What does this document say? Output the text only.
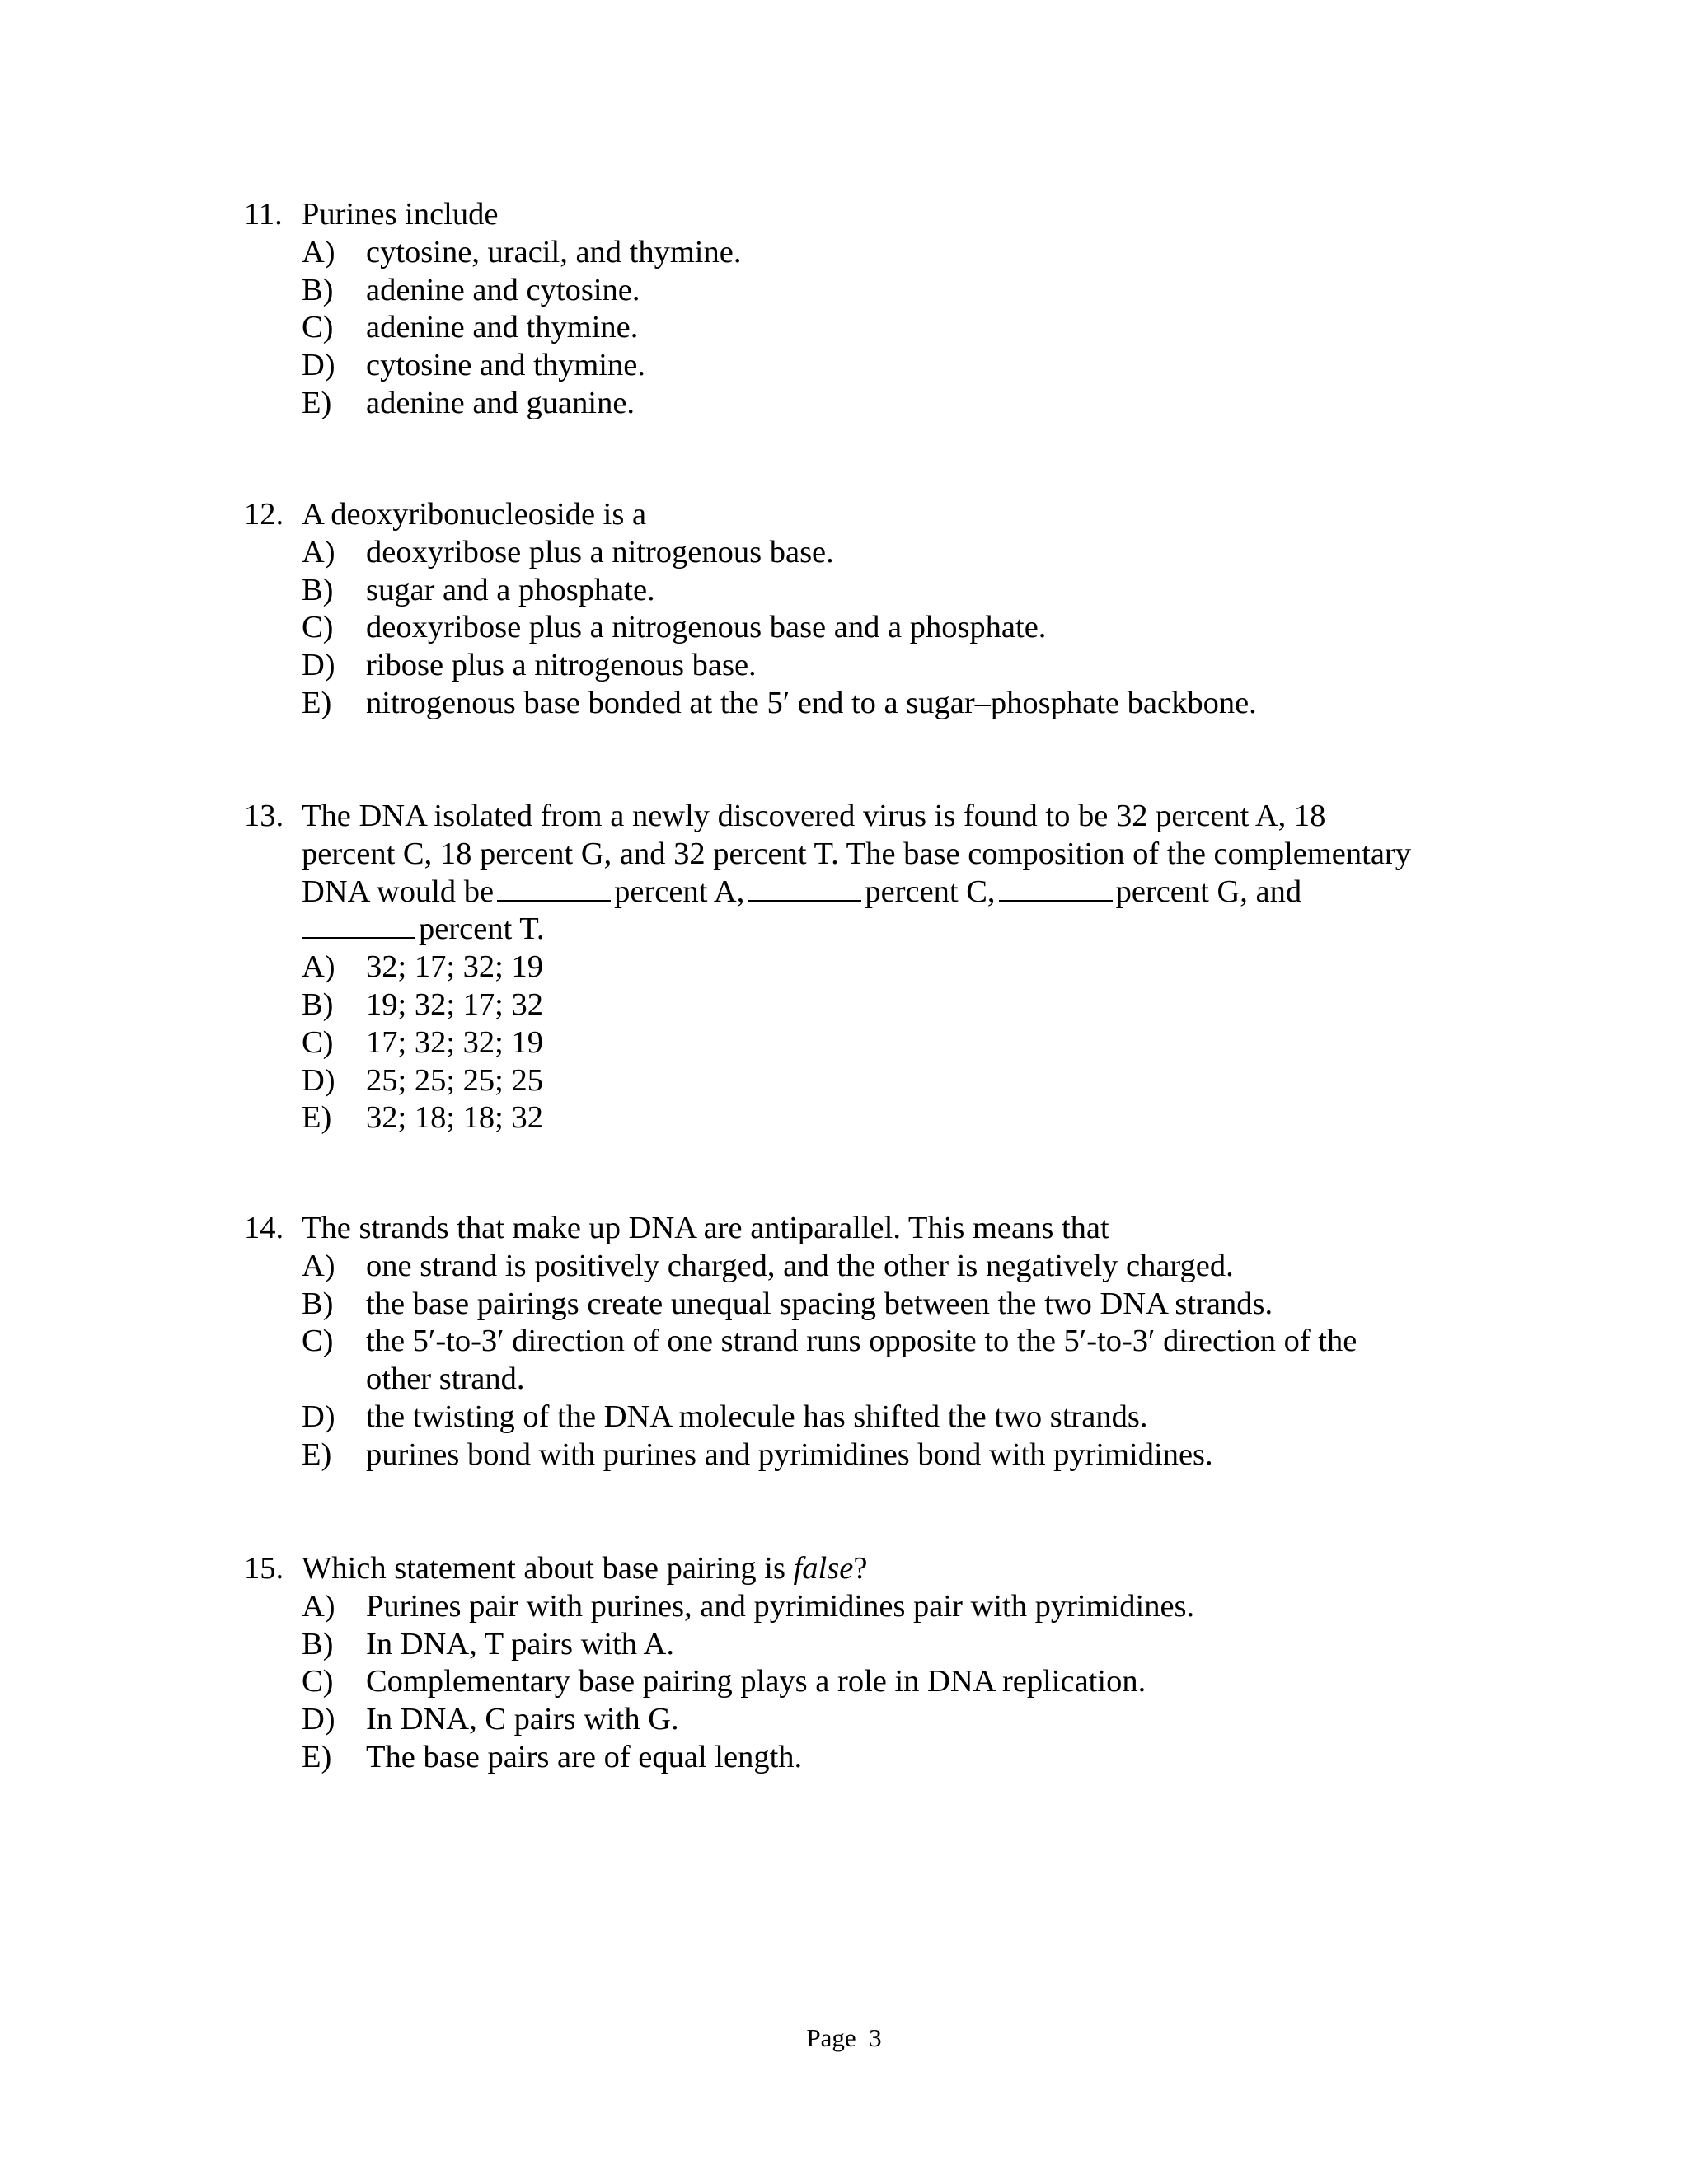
11. Purines include
A) cytosine, uracil, and thymine.
B)	adenine and cytosine.
C)	adenine and thymine.
D) cytosine and thymine.
E)	adenine and guanine.
12. A deoxyribonucleoside is a
A) deoxyribose plus a nitrogenous base.
B)	sugar and a phosphate.
C)	deoxyribose plus a nitrogenous base and a phosphate.
D) ribose plus a nitrogenous base.
E)	nitrogenous base bonded at the 5′ end to a sugar–phosphate backbone.
13. The DNA isolated from a newly discovered virus is found to be 32 percent A, 18
percent C, 18 percent G, and 32 percent T. The base composition of the complementary
DNA would be	percent A,	percent C,	percent G, and
percent T.
A) 32; 17; 32; 19
B)	19; 32; 17; 32
C)	17; 32; 32; 19
D) 25; 25; 25; 25
E)	32; 18; 18; 32
14. The strands that make up DNA are antiparallel. This means that
A) one strand is positively charged, and the other is negatively charged.
B)	the base pairings create unequal spacing between the two DNA strands.
C)	the 5′-to-3′ direction of one strand runs opposite to the 5′-to-3′ direction of the other strand.
D) the twisting of the DNA molecule has shifted the two strands.
E)	purines bond with purines and pyrimidines bond with pyrimidines.
15. Which statement about base pairing is false?
A) Purines pair with purines, and pyrimidines pair with pyrimidines.
B)	In DNA, T pairs with A.
C)	Complementary base pairing plays a role in DNA replication.
D) In DNA, C pairs with G.
E)	The base pairs are of equal length.
Page  3
